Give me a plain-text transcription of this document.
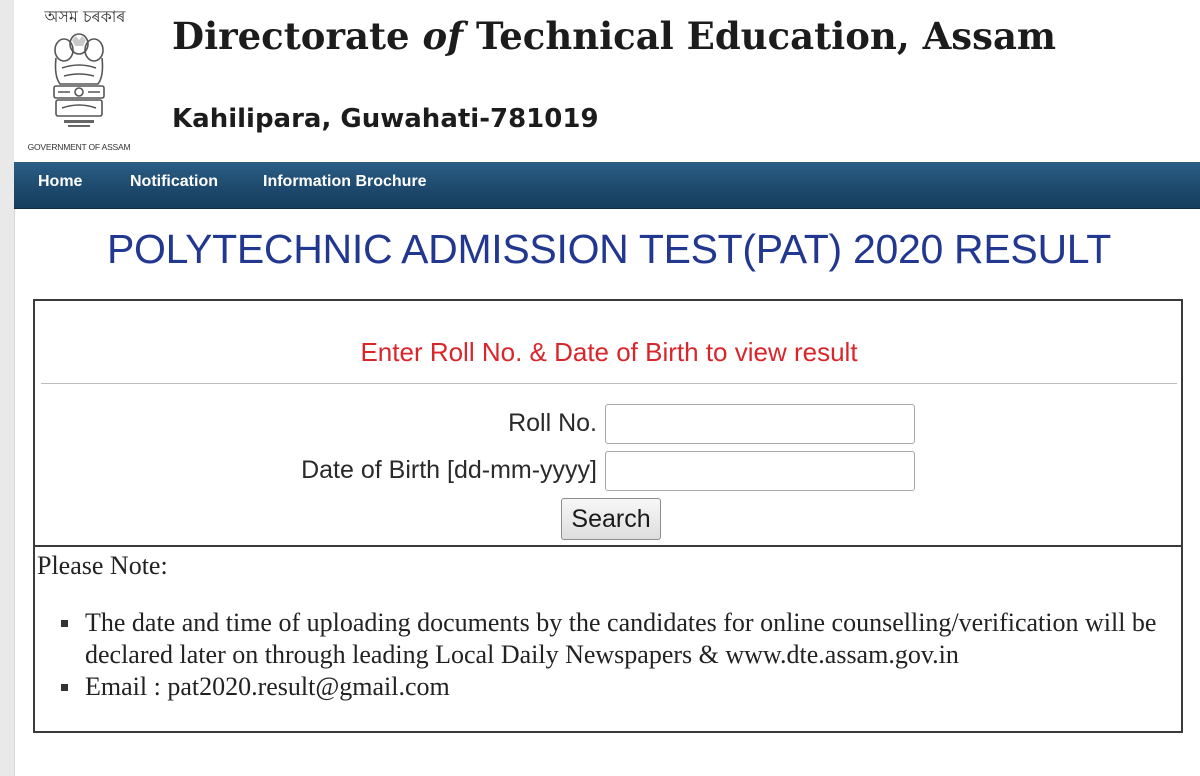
অসম চৰকাৰ
GOVERNMENT OF ASSAM
Directorate of Technical Education, Assam
Kahilipara, Guwahati-781019
Home	Notification	Information Brochure
POLYTECHNIC ADMISSION TEST(PAT) 2020 RESULT
Enter Roll No. & Date of Birth to view result
Roll No.
Date of Birth [dd-mm-yyyy]
Search
Please Note:
The date and time of uploading documents by the candidates for online counselling/verification will be declared later on through leading Local Daily Newspapers & www.dte.assam.gov.in
Email : pat2020.result@gmail.com
